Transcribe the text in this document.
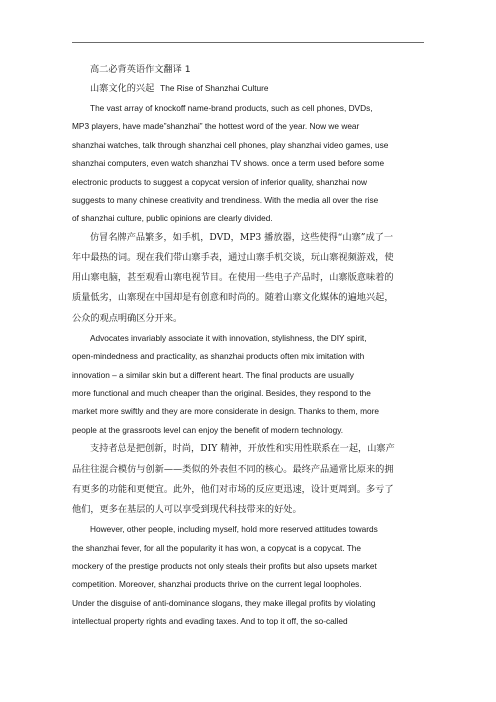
高二必背英语作文翻译 1
山寨文化的兴起 The Rise of Shanzhai Culture
The vast array of knockoff name-brand products, such as cell phones, DVDs,
MP3 players, have made”shanzhai” the hottest word of the year. Now we wear
shanzhai watches, talk through shanzhai cell phones, play shanzhai video games, use
shanzhai computers, even watch shanzhai TV shows. once a term used before some
electronic products to suggest a copycat version of inferior quality, shanzhai now
suggests to many chinese creativity and trendiness. With the media all over the rise
of shanzhai culture, public opinions are clearly divided.
仿冒名牌产品繁多，如手机，DVD，MP3 播放器，这些使得“山寨”成了一
年中最热的词。现在我们带山寨手表，通过山寨手机交谈，玩山寨视频游戏，使
用山寨电脑，甚至观看山寨电视节目。在使用一些电子产品时，山寨版意味着的
质量低劣，山寨现在中国却是有创意和时尚的。随着山寨文化媒体的遍地兴起，
公众的观点明确区分开来。
Advocates invariably associate it with innovation, stylishness, the DIY spirit,
open-mindedness and practicality, as shanzhai products often mix imitation with
innovation – a similar skin but a different heart. The final products are usually
more functional and much cheaper than the original. Besides, they respond to the
market more swiftly and they are more considerate in design. Thanks to them, more
people at the grassroots level can enjoy the benefit of modern technology.
支持者总是把创新，时尚，DIY 精神，开放性和实用性联系在一起，山寨产
品往往混合模仿与创新——类似的外表但不同的核心。最终产品通常比原来的拥
有更多的功能和更便宜。此外，他们对市场的反应更迅速，设计更周到。多亏了
他们，更多在基层的人可以享受到现代科技带来的好处。
However, other people, including myself, hold more reserved attitudes towards
the shanzhai fever, for all the popularity it has won, a copycat is a copycat. The
mockery of the prestige products not only steals their profits but also upsets market
competition. Moreover, shanzhai products thrive on the current legal loopholes.
Under the disguise of anti-dominance slogans, they make illegal profits by violating
intellectual property rights and evading taxes. And to top it off, the so-called
